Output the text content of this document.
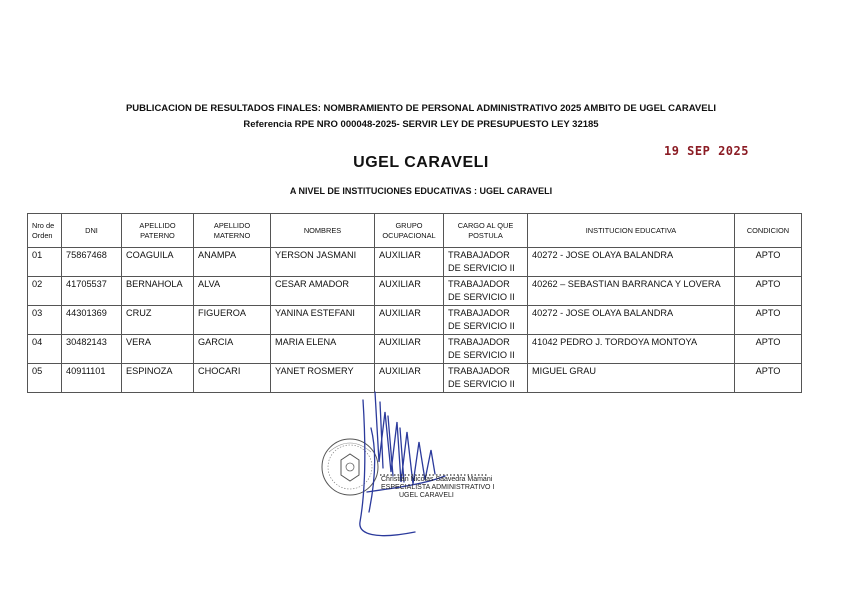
PUBLICACION DE RESULTADOS FINALES: NOMBRAMIENTO DE PERSONAL ADMINISTRATIVO 2025 AMBITO DE UGEL CARAVELI
Referencia RPE NRO 000048-2025- SERVIR LEY DE PRESUPUESTO LEY 32185
19 SEP 2025
UGEL CARAVELI
A NIVEL DE INSTITUCIONES EDUCATIVAS : UGEL CARAVELI
Nro de Orden	DNI	APELLIDO PATERNO	APELLIDO MATERNO	NOMBRES	GRUPO OCUPACIONAL	CARGO AL QUE POSTULA	INSTITUCION EDUCATIVA	CONDICION
01	75867468	COAGUILA	ANAMPA	YERSON JASMANI	AUXILIAR	TRABAJADOR DE SERVICIO II	40272 - JOSE OLAYA BALANDRA	APTO
02	41705537	BERNAHOLA	ALVA	CESAR AMADOR	AUXILIAR	TRABAJADOR DE SERVICIO II	40262 – SEBASTIAN BARRANCA Y LOVERA	APTO
03	44301369	CRUZ	FIGUEROA	YANINA ESTEFANI	AUXILIAR	TRABAJADOR DE SERVICIO II	40272 - JOSE OLAYA BALANDRA	APTO
04	30482143	VERA	GARCIA	MARIA ELENA	AUXILIAR	TRABAJADOR DE SERVICIO II	41042 PEDRO J. TORDOYA MONTOYA	APTO
05	40911101	ESPINOZA	CHOCARI	YANET ROSMERY	AUXILIAR	TRABAJADOR DE SERVICIO II	MIGUEL GRAU	APTO
Christian Nicolas Saavedra Mamani
ESPECIALISTA ADMINISTRATIVO I
UGEL CARAVELI
